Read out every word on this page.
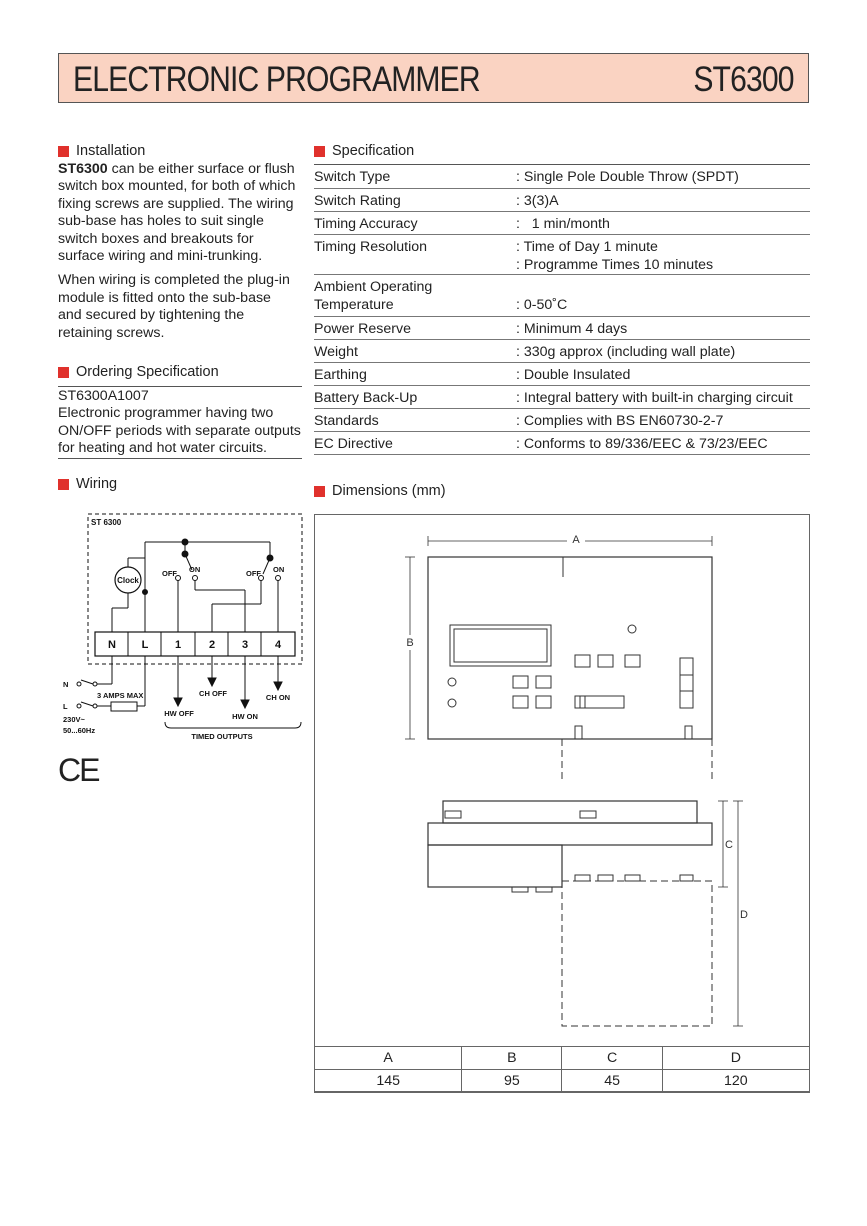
ELECTRONIC PROGRAMMER	ST6300
Installation
ST6300 can be either surface or flush
switch box mounted, for both of which
fixing screws are supplied. The wiring
sub-base has holes to suit single
switch boxes and breakouts for
surface wiring and mini-trunking.
When wiring is completed the plug-in
module is fitted onto the sub-base
and secured by tightening the
retaining screws.
Ordering Specification
ST6300A1007
Electronic programmer having two
ON/OFF periods with separate outputs
for heating and hot water circuits.
Wiring
ST 6300
N L 1	2 3 4
Clock
OFF ON	OFF ON
HW OFF
CH OFF
HW ON
CH ON
TIMED OUTPUTS
N
L
3 AMPS MAX
230V~
50...60Hz
CE
Specification
Switch Type	: Single Pole Double Throw (SPDT)
Switch Rating	: 3(3)A
Timing Accuracy	:   1 min/month
Timing Resolution	: Time of Day 1 minute
: Programme Times 10 minutes
Ambient Operating
Temperature	
: 0-50˚C
Power Reserve	: Minimum 4 days
Weight	: 330g approx (including wall plate)
Earthing	: Double Insulated
Battery Back-Up	: Integral battery with built-in charging circuit
Standards	: Complies with BS EN60730-2-7
EC Directive	: Conforms to 89/336/EEC & 73/23/EEC
Dimensions (mm)
A
B
C
D
A	B	C	D
145	95	45	120
